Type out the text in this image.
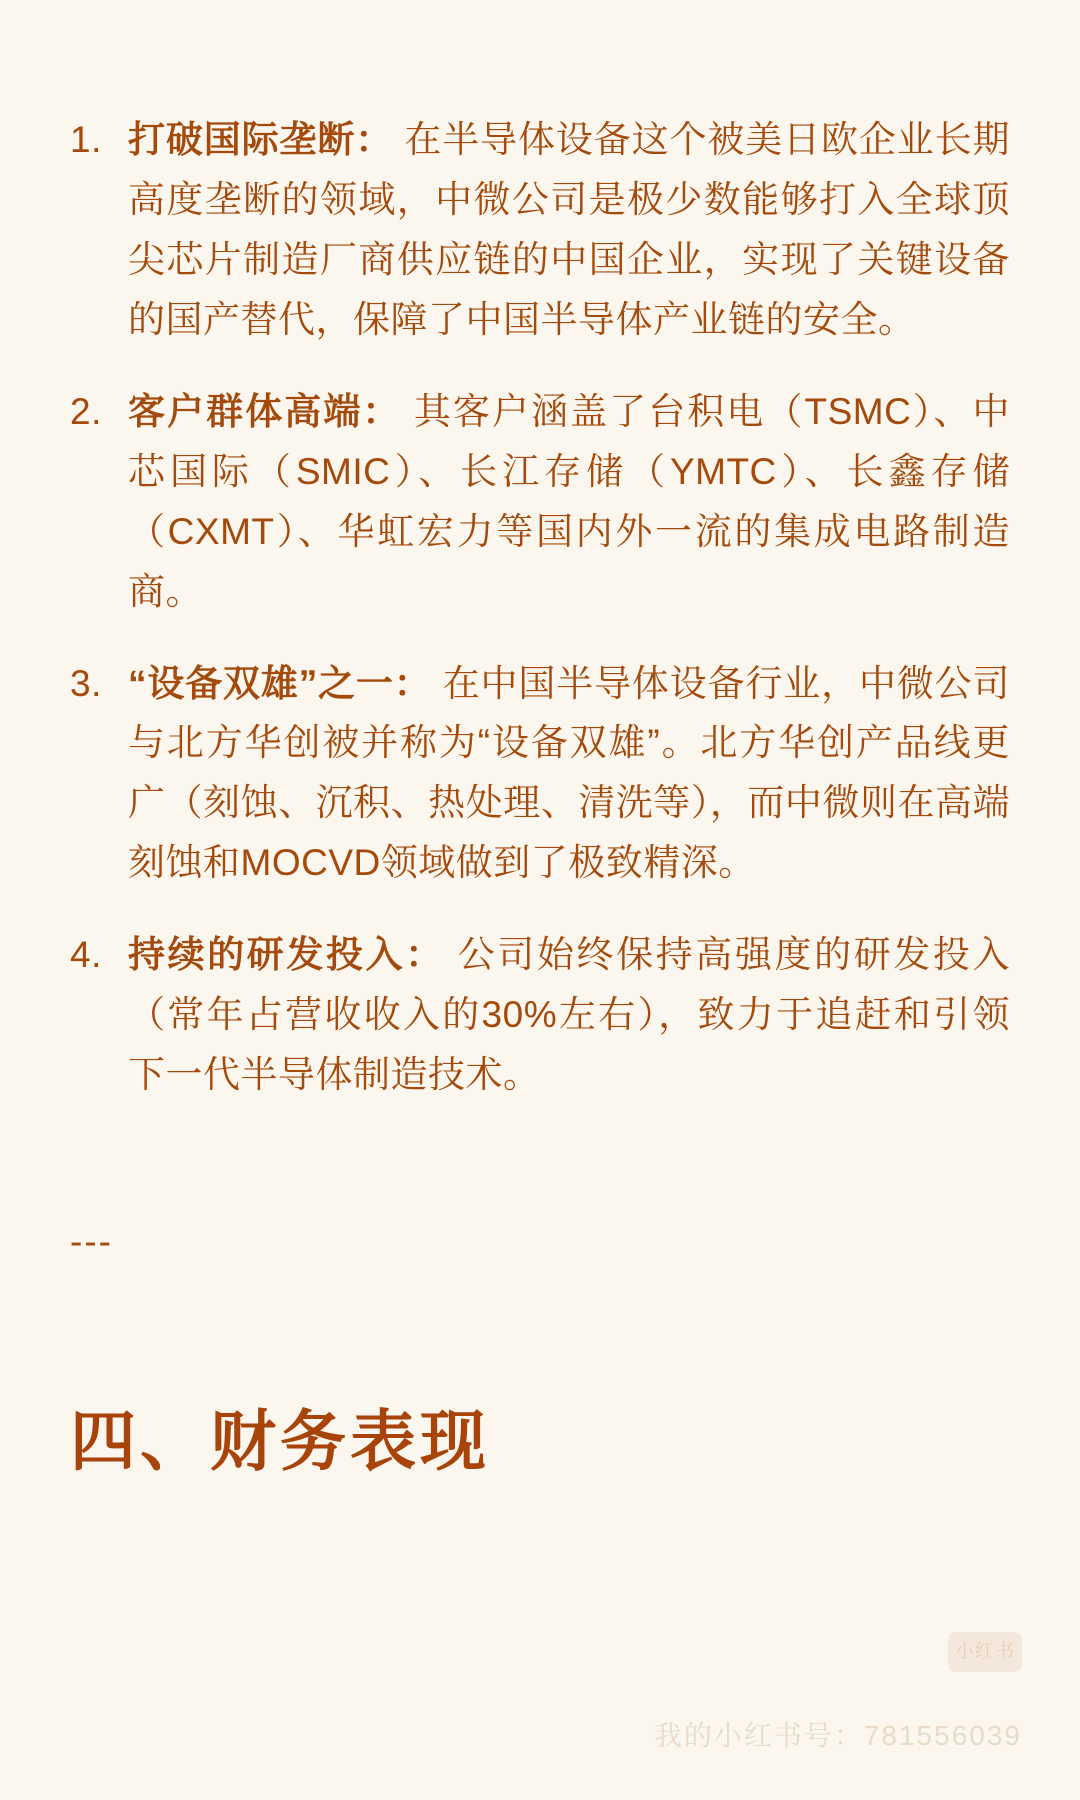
1. 打破国际垄断： 在半导体设备这个被美日欧企业长期高度垄断的领域，中微公司是极少数能够打入全球顶尖芯片制造厂商供应链的中国企业，实现了关键设备的国产替代，保障了中国半导体产业链的安全。
2. 客户群体高端： 其客户涵盖了台积电（TSMC）、中芯国际（SMIC）、长江存储（YMTC）、长鑫存储（CXMT）、华虹宏力等国内外一流的集成电路制造商。
3. “设备双雄”之一： 在中国半导体设备行业，中微公司与北方华创被并称为“设备双雄”。北方华创产品线更广（刻蚀、沉积、热处理、清洗等），而中微则在高端刻蚀和MOCVD领域做到了极致精深。
4. 持续的研发投入： 公司始终保持高强度的研发投入（常年占营收收入的30%左右），致力于追赶和引领下一代半导体制造技术。
---
四、财务表现
小红书
我的小红书号：781556039
